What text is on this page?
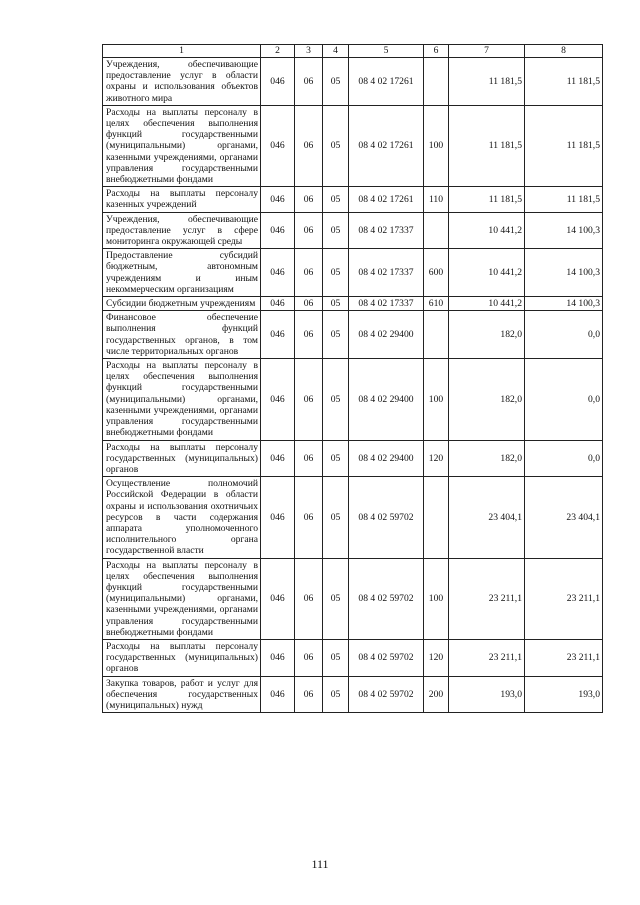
1	2	3	4	5	6	7	8
Учреждения, обеспечивающие предоставление услуг в области охраны и использования объектов животного мира	046	06	05	08 4 02 17261		11 181,5	11 181,5
Расходы на выплаты персоналу в целях обеспечения выполнения функций государственными (муниципальными) органами, казенными учреждениями, органами управления государственными внебюджетными фондами	046	06	05	08 4 02 17261	100	11 181,5	11 181,5
Расходы на выплаты персоналу казенных учреждений	046	06	05	08 4 02 17261	110	11 181,5	11 181,5
Учреждения, обеспечивающие предоставление услуг в сфере мониторинга окружающей среды	046	06	05	08 4 02 17337		10 441,2	14 100,3
Предоставление субсидий бюджетным, автономным учреждениям и иным некоммерческим организациям	046	06	05	08 4 02 17337	600	10 441,2	14 100,3
Субсидии бюджетным учреждениям	046	06	05	08 4 02 17337	610	10 441,2	14 100,3
Финансовое обеспечение выполнения функций государственных органов, в том числе территориальных органов	046	06	05	08 4 02 29400		182,0	0,0
Расходы на выплаты персоналу в целях обеспечения выполнения функций государственными (муниципальными) органами, казенными учреждениями, органами управления государственными внебюджетными фондами	046	06	05	08 4 02 29400	100	182,0	0,0
Расходы на выплаты персоналу государственных (муниципальных) органов	046	06	05	08 4 02 29400	120	182,0	0,0
Осуществление полномочий Российской Федерации в области охраны и использования охотничьих ресурсов в части содержания аппарата уполномоченного исполнительного органа государственной власти	046	06	05	08 4 02 59702		23 404,1	23 404,1
Расходы на выплаты персоналу в целях обеспечения выполнения функций государственными (муниципальными) органами, казенными учреждениями, органами управления государственными внебюджетными фондами	046	06	05	08 4 02 59702	100	23 211,1	23 211,1
Расходы на выплаты персоналу государственных (муниципальных) органов	046	06	05	08 4 02 59702	120	23 211,1	23 211,1
Закупка товаров, работ и услуг для обеспечения государственных (муниципальных) нужд	046	06	05	08 4 02 59702	200	193,0	193,0
111
